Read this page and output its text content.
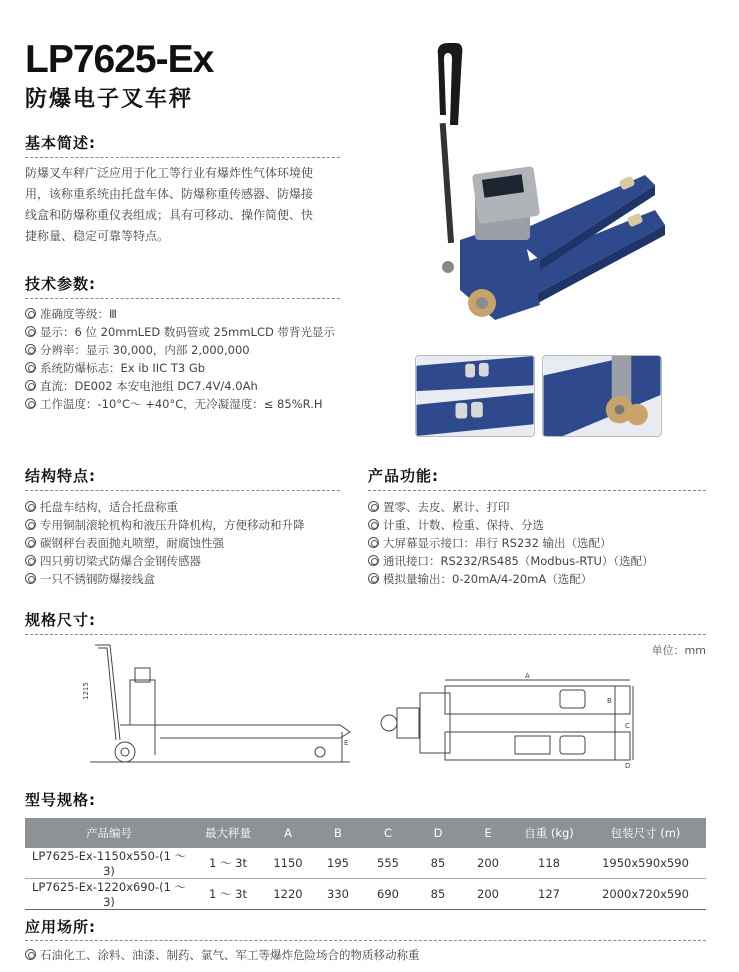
LP7625-Ex
防爆电子叉车秤
基本简述:
防爆叉车秤广泛应用于化工等行业有爆炸性气体环境使
用，该称重系统由托盘车体、防爆称重传感器、防爆接
线盒和防爆称重仪表组成；具有可移动、操作简便、快
捷称量、稳定可靠等特点。
技术参数:
准确度等级：Ⅲ
显示：6 位 20mmLED 数码管或 25mmLCD 带背光显示
分辨率：显示 30,000，内部 2,000,000
系统防爆标志：Ex ib IIC T3 Gb
直流：DE002 本安电池组 DC7.4V/4.0Ah
工作温度：-10°C～ +40°C，无冷凝湿度：≤ 85%R.H
结构特点:
托盘车结构，适合托盘称重
专用铜制滚轮机构和液压升降机构，方便移动和升降
碳钢秤台表面抛丸喷塑，耐腐蚀性强
四只剪切梁式防爆合金钢传感器
一只不锈钢防爆接线盒
产品功能:
置零、去皮、累计、打印
计重、计数、检重、保持、分选
大屏幕显示接口：串行 RS232 输出（选配）
通讯接口：RS232/RS485（Modbus-RTU）（选配）
模拟量输出：0-20mA/4-20mA（选配）
规格尺寸:
单位：mm
1215
E
A
B
C
D
型号规格:
产品编号	最大秤量	A	B	C	D	E	自重 (kg)	包装尺寸 (m)
LP7625-Ex-1150x550-(1 ～ 3)	1 ～ 3t	1150	195	555	85	200	118	1950x590x590
LP7625-Ex-1220x690-(1 ～ 3)	1 ～ 3t	1220	330	690	85	200	127	2000x720x590
应用场所:
石油化工、涂料、油漆、制药、氯气、军工等爆炸危险场合的物质移动称重
